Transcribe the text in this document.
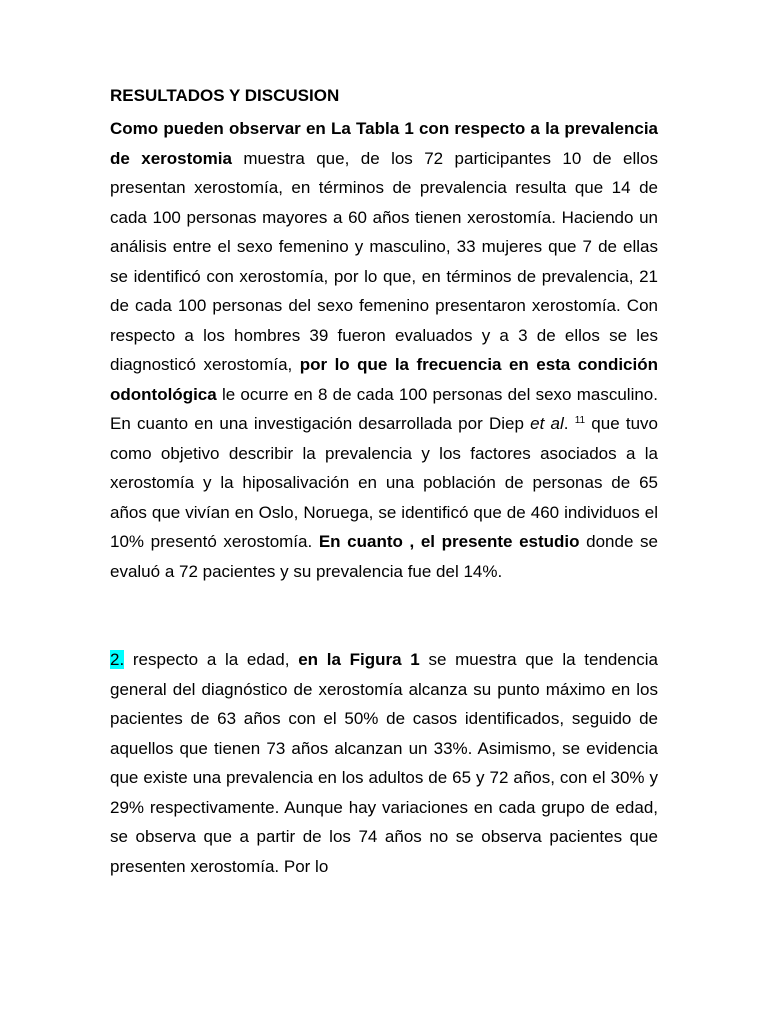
RESULTADOS Y DISCUSION

Como pueden observar en La Tabla 1 con respecto a la prevalencia de xerostomia muestra que, de los 72 participantes 10 de ellos presentan xerostomía, en términos de prevalencia resulta que 14 de cada 100 personas mayores a 60 años tienen xerostomía. Haciendo un análisis entre el sexo femenino y masculino, 33 mujeres que 7 de ellas se identificó con xerostomía, por lo que, en términos de prevalencia, 21 de cada 100 personas del sexo femenino presentaron xerostomía. Con respecto a los hombres 39 fueron evaluados y a 3 de ellos se les diagnosticó xerostomía, por lo que la frecuencia en esta condición odontológica le ocurre en 8 de cada 100 personas del sexo masculino. En cuanto en una investigación desarrollada por Diep et al. $^{11}$ que tuvo como objetivo describir la prevalencia y los factores asociados a la xerostomía y la hiposalivación en una población de personas de 65 años que vivían en Oslo, Noruega, se identificó que de 460 individuos el 10% presentó xerostomía. En cuanto , el presente estudio donde se evaluó a 72 pacientes y su prevalencia fue del 14%.

2. respecto a la edad, en la Figura 1 se muestra que la tendencia general del diagnóstico de xerostomía alcanza su punto máximo en los pacientes de 63 años con el 50% de casos identificados, seguido de aquellos que tienen 73 años alcanzan un 33%. Asimismo, se evidencia que existe una prevalencia en los adultos de 65 y 72 años, con el 30% y 29% respectivamente. Aunque hay variaciones en cada grupo de edad, se observa que a partir de los 74 años no se observa pacientes que presenten xerostomía. Por lo
